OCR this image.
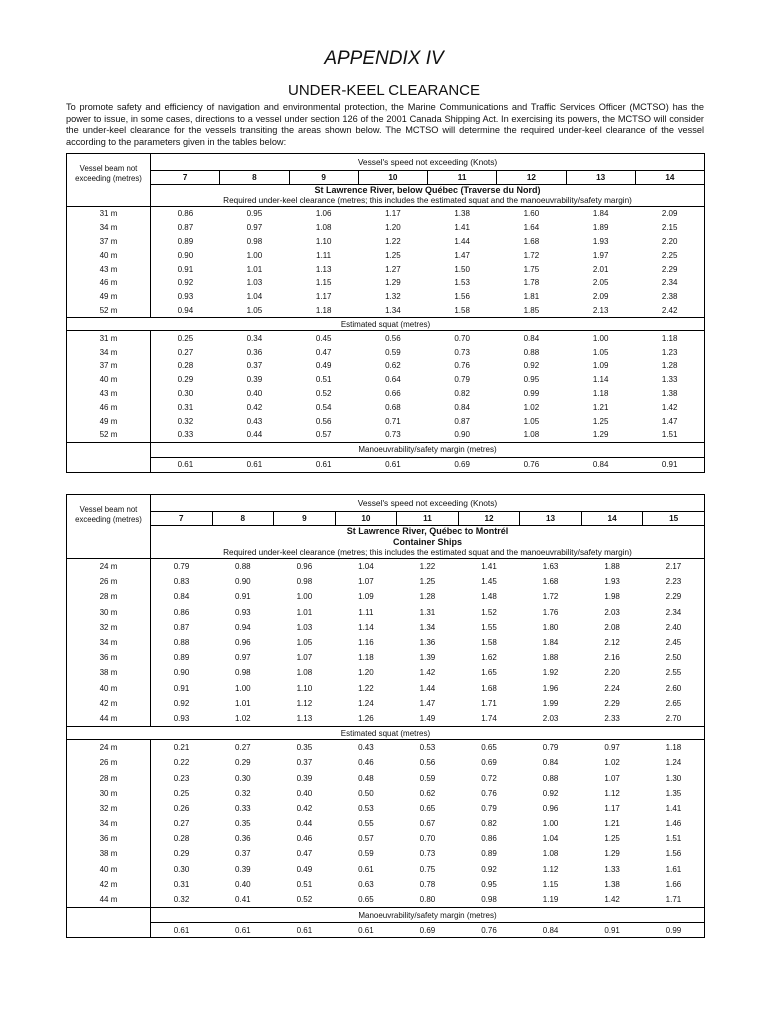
APPENDIX IV
UNDER-KEEL CLEARANCE
To promote safety and efficiency of navigation and environmental protection, the Marine Communications and Traffic Services Officer (MCTSO) has the power to issue, in some cases, directions to a vessel under section 126 of the 2001 Canada Shipping Act. In exercising its powers, the MCTSO will consider the under-keel clearance for the vessels transiting the areas shown below. The MCTSO will determine the required under-keel clearance of the vessel according to the parameters given in the tables below:
Vessel beam not exceeding (metres)	Vessel's speed not exceeding (Knots)							
	7	8	9	10	11	12	13	14
	St Lawrence River, below Québec (Traverse du Nord)
Required under-keel clearance (metres; this includes the estimated squat and the manoeuvrability/safety margin)							
31 m	0.86	0.95	1.06	1.17	1.38	1.60	1.84	2.09
34 m	0.87	0.97	1.08	1.20	1.41	1.64	1.89	2.15
37 m	0.89	0.98	1.10	1.22	1.44	1.68	1.93	2.20
40 m	0.90	1.00	1.11	1.25	1.47	1.72	1.97	2.25
43 m	0.91	1.01	1.13	1.27	1.50	1.75	2.01	2.29
46 m	0.92	1.03	1.15	1.29	1.53	1.78	2.05	2.34
49 m	0.93	1.04	1.17	1.32	1.56	1.81	2.09	2.38
52 m	0.94	1.05	1.18	1.34	1.58	1.85	2.13	2.42
Estimated squat (metres)								
31 m	0.25	0.34	0.45	0.56	0.70	0.84	1.00	1.18
34 m	0.27	0.36	0.47	0.59	0.73	0.88	1.05	1.23
37 m	0.28	0.37	0.49	0.62	0.76	0.92	1.09	1.28
40 m	0.29	0.39	0.51	0.64	0.79	0.95	1.14	1.33
43 m	0.30	0.40	0.52	0.66	0.82	0.99	1.18	1.38
46 m	0.31	0.42	0.54	0.68	0.84	1.02	1.21	1.42
49 m	0.32	0.43	0.56	0.71	0.87	1.05	1.25	1.47
52 m	0.33	0.44	0.57	0.73	0.90	1.08	1.29	1.51
	Manoeuvrability/safety margin (metres)							
	0.61	0.61	0.61	0.61	0.69	0.76	0.84	0.91
Vessel beam not exceeding (metres)	Vessel's speed not exceeding (Knots)								
	7	8	9	10	11	12	13	14	15
	St Lawrence River, Québec to Montrél
Container Ships
Required under-keel clearance (metres; this includes the estimated squat and the manoeuvrability/safety margin)								
24 m	0.79	0.88	0.96	1.04	1.22	1.41	1.63	1.88	2.17
26 m	0.83	0.90	0.98	1.07	1.25	1.45	1.68	1.93	2.23
28 m	0.84	0.91	1.00	1.09	1.28	1.48	1.72	1.98	2.29
30 m	0.86	0.93	1.01	1.11	1.31	1.52	1.76	2.03	2.34
32 m	0.87	0.94	1.03	1.14	1.34	1.55	1.80	2.08	2.40
34 m	0.88	0.96	1.05	1.16	1.36	1.58	1.84	2.12	2.45
36 m	0.89	0.97	1.07	1.18	1.39	1.62	1.88	2.16	2.50
38 m	0.90	0.98	1.08	1.20	1.42	1.65	1.92	2.20	2.55
40 m	0.91	1.00	1.10	1.22	1.44	1.68	1.96	2.24	2.60
42 m	0.92	1.01	1.12	1.24	1.47	1.71	1.99	2.29	2.65
44 m	0.93	1.02	1.13	1.26	1.49	1.74	2.03	2.33	2.70
Estimated squat (metres)									
24 m	0.21	0.27	0.35	0.43	0.53	0.65	0.79	0.97	1.18
26 m	0.22	0.29	0.37	0.46	0.56	0.69	0.84	1.02	1.24
28 m	0.23	0.30	0.39	0.48	0.59	0.72	0.88	1.07	1.30
30 m	0.25	0.32	0.40	0.50	0.62	0.76	0.92	1.12	1.35
32 m	0.26	0.33	0.42	0.53	0.65	0.79	0.96	1.17	1.41
34 m	0.27	0.35	0.44	0.55	0.67	0.82	1.00	1.21	1.46
36 m	0.28	0.36	0.46	0.57	0.70	0.86	1.04	1.25	1.51
38 m	0.29	0.37	0.47	0.59	0.73	0.89	1.08	1.29	1.56
40 m	0.30	0.39	0.49	0.61	0.75	0.92	1.12	1.33	1.61
42 m	0.31	0.40	0.51	0.63	0.78	0.95	1.15	1.38	1.66
44 m	0.32	0.41	0.52	0.65	0.80	0.98	1.19	1.42	1.71
	Manoeuvrability/safety margin (metres)								
	0.61	0.61	0.61	0.61	0.69	0.76	0.84	0.91	0.99
